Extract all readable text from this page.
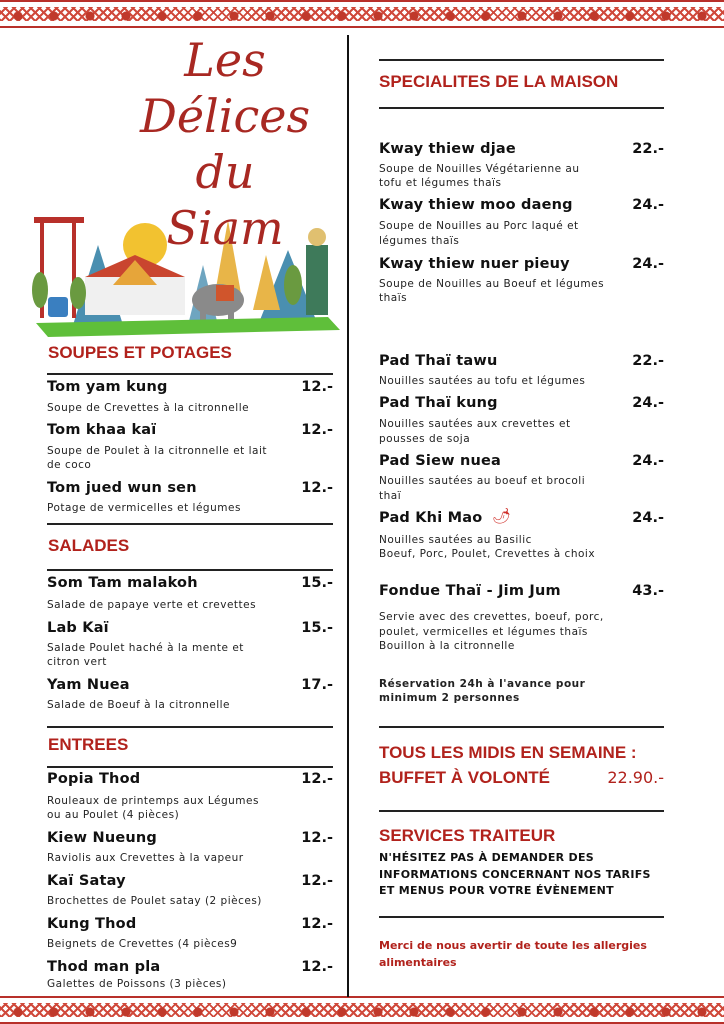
Les
Délices du
Siam
SOUPES ET POTAGES
Tom yam kung	12.-
Soupe de Crevettes à la citronnelle
Tom khaa kaï	12.-
Soupe de Poulet à la citronnelle et lait
de coco
Tom jued wun sen	12.-
Potage de vermicelles et légumes
SALADES
Som Tam malakoh	15.-
Salade de papaye verte et crevettes
Lab Kaï	15.-
Salade Poulet haché à la mente et
citron vert
Yam Nuea	17.-
Salade de Boeuf à la citronnelle
ENTREES
Popia Thod	12.-
Rouleaux de printemps aux Légumes
ou au Poulet (4 pièces)
Kiew Nueung	12.-
Raviolis aux Crevettes à la vapeur
Kaï Satay	12.-
Brochettes de Poulet satay (2 pièces)
Kung Thod	12.-
Beignets de Crevettes (4 pièces9
Thod man pla	12.-
Galettes de Poissons (3 pièces)
SPECIALITES DE LA MAISON
Kway thiew djae	22.-
Soupe de Nouilles Végétarienne au
tofu et légumes thaïs
Kway thiew moo daeng	24.-
Soupe de Nouilles au Porc laqué et
légumes thaïs
Kway thiew nuer pieuy	24.-
Soupe de Nouilles au Boeuf et légumes
thaïs
Pad Thaï tawu	22.-
Nouilles sautées au tofu et légumes
Pad Thaï kung	24.-
Nouilles sautées aux crevettes et
pousses de soja
Pad Siew nuea	24.-
Nouilles sautées au boeuf et brocoli
thaï
Pad Khi Mao	24.-
🌶
Nouilles sautées au Basilic
Boeuf, Porc, Poulet, Crevettes à choix
Fondue Thaï - Jim Jum	43.-
Servie avec des crevettes, boeuf, porc,
poulet, vermicelles et légumes thaïs
Bouillon à la citronnelle
Réservation 24h à l'avance pour
minimum 2 personnes
TOUS LES MIDIS EN SEMAINE :
BUFFET À VOLONTÉ	22.90.-
SERVICES TRAITEUR
N'HÉSITEZ PAS À DEMANDER DES
INFORMATIONS CONCERNANT NOS TARIFS
ET MENUS POUR VOTRE ÉVÈNEMENT
Merci de nous avertir de toute les allergies
alimentaires
